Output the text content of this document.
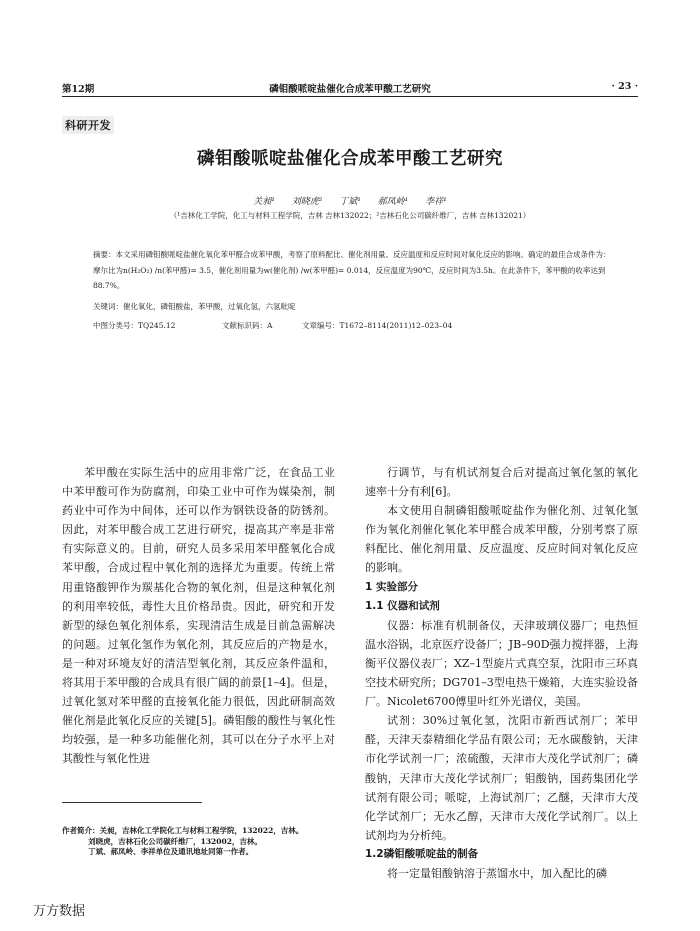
第12期	磷钼酸哌啶盐催化合成苯甲酸工艺研究	· 23 ·
科研开发
磷钼酸哌啶盐催化合成苯甲酸工艺研究
关昶¹ 刘晓虎² 丁斌¹ 郝凤岭¹ 李祥¹
（¹吉林化工学院，化工与材料工程学院，吉林 吉林132022；²吉林石化公司碳纤维厂，吉林 吉林132021）
摘要：本文采用磷钼酸哌啶盐催化氧化苯甲醛合成苯甲酸，考察了原料配比、催化剂用量、反应温度和反应时间对氧化反应的影响。确定的最佳合成条件为：摩尔比为n(H₂O₂) /n(苯甲醛)= 3.5，催化剂用量为w(催化剂) /w(苯甲醛)= 0.014，反应温度为90℃，反应时间为3.5h。在此条件下，苯甲酸的收率达到88.7%。
关键词：催化氧化，磷钼酸盐，苯甲酸，过氧化氢，六氢吡啶
中图分类号：TQ245.12	文献标识码：A	文章编号：T1672–8114(2011)12–023–04

苯甲酸在实际生活中的应用非常广泛，在食品工业中苯甲酸可作为防腐剂，印染工业中可作为媒染剂，制药业中可作为中间体，还可以作为钢铁设备的防锈剂。因此，对苯甲酸合成工艺进行研究，提高其产率是非常有实际意义的。目前，研究人员多采用苯甲醛氧化合成苯甲酸，合成过程中氧化剂的选择尤为重要。传统上常用重铬酸钾作为羰基化合物的氧化剂，但是这种氧化剂的利用率较低，毒性大且价格昂贵。因此，研究和开发新型的绿色氧化剂体系，实现清洁生成是目前急需解决的问题。过氧化氢作为氧化剂，其反应后的产物是水，是一种对环境友好的清洁型氧化剂，其反应条件温和，将其用于苯甲酸的合成具有很广阔的前景[1–4]。但是，过氧化氢对苯甲醛的直接氧化能力很低，因此研制高效催化剂是此氧化反应的关键[5]。磷钼酸的酸性与氧化性均较强，是一种多功能催化剂，其可以在分子水平上对其酸性与氧化性进

行调节，与有机试剂复合后对提高过氧化氢的氧化速率十分有利[6]。

本文使用自制磷钼酸哌啶盐作为催化剂、过氧化氢作为氧化剂催化氧化苯甲醛合成苯甲酸，分别考察了原料配比、催化剂用量、反应温度、反应时间对氧化反应的影响。

1 实验部分

1.1 仪器和试剂

仪器：标准有机制备仪，天津玻璃仪器厂；电热恒温水浴锅，北京医疗设备厂；JB–90D强力搅拌器，上海衡平仪器仪表厂；XZ–1型旋片式真空泵，沈阳市三环真空技术研究所；DG701–3型电热干燥箱，大连实验设备厂。Nicolet6700傅里叶红外光谱仪，美国。

试剂：30%过氧化氢，沈阳市新西试剂厂；苯甲醛，天津天泰精细化学品有限公司；无水碳酸钠，天津市化学试剂一厂；浓硫酸，天津市大茂化学试剂厂；磷酸钠，天津市大茂化学试剂厂；钼酸钠，国药集团化学试剂有限公司；哌啶，上海试剂厂；乙醚，天津市大茂化学试剂厂；无水乙醇，天津市大茂化学试剂厂。以上试剂均为分析纯。

1.2磷钼酸哌啶盐的制备

将一定量钼酸钠溶于蒸馏水中，加入配比的磷

作者简介：关昶，吉林化工学院化工与材料工程学院，132022，吉林。
刘晓虎，吉林石化公司碳纤维厂，132002，吉林。
丁斌、郝凤岭、李祥单位及通讯地址同第一作者。
万方数据
